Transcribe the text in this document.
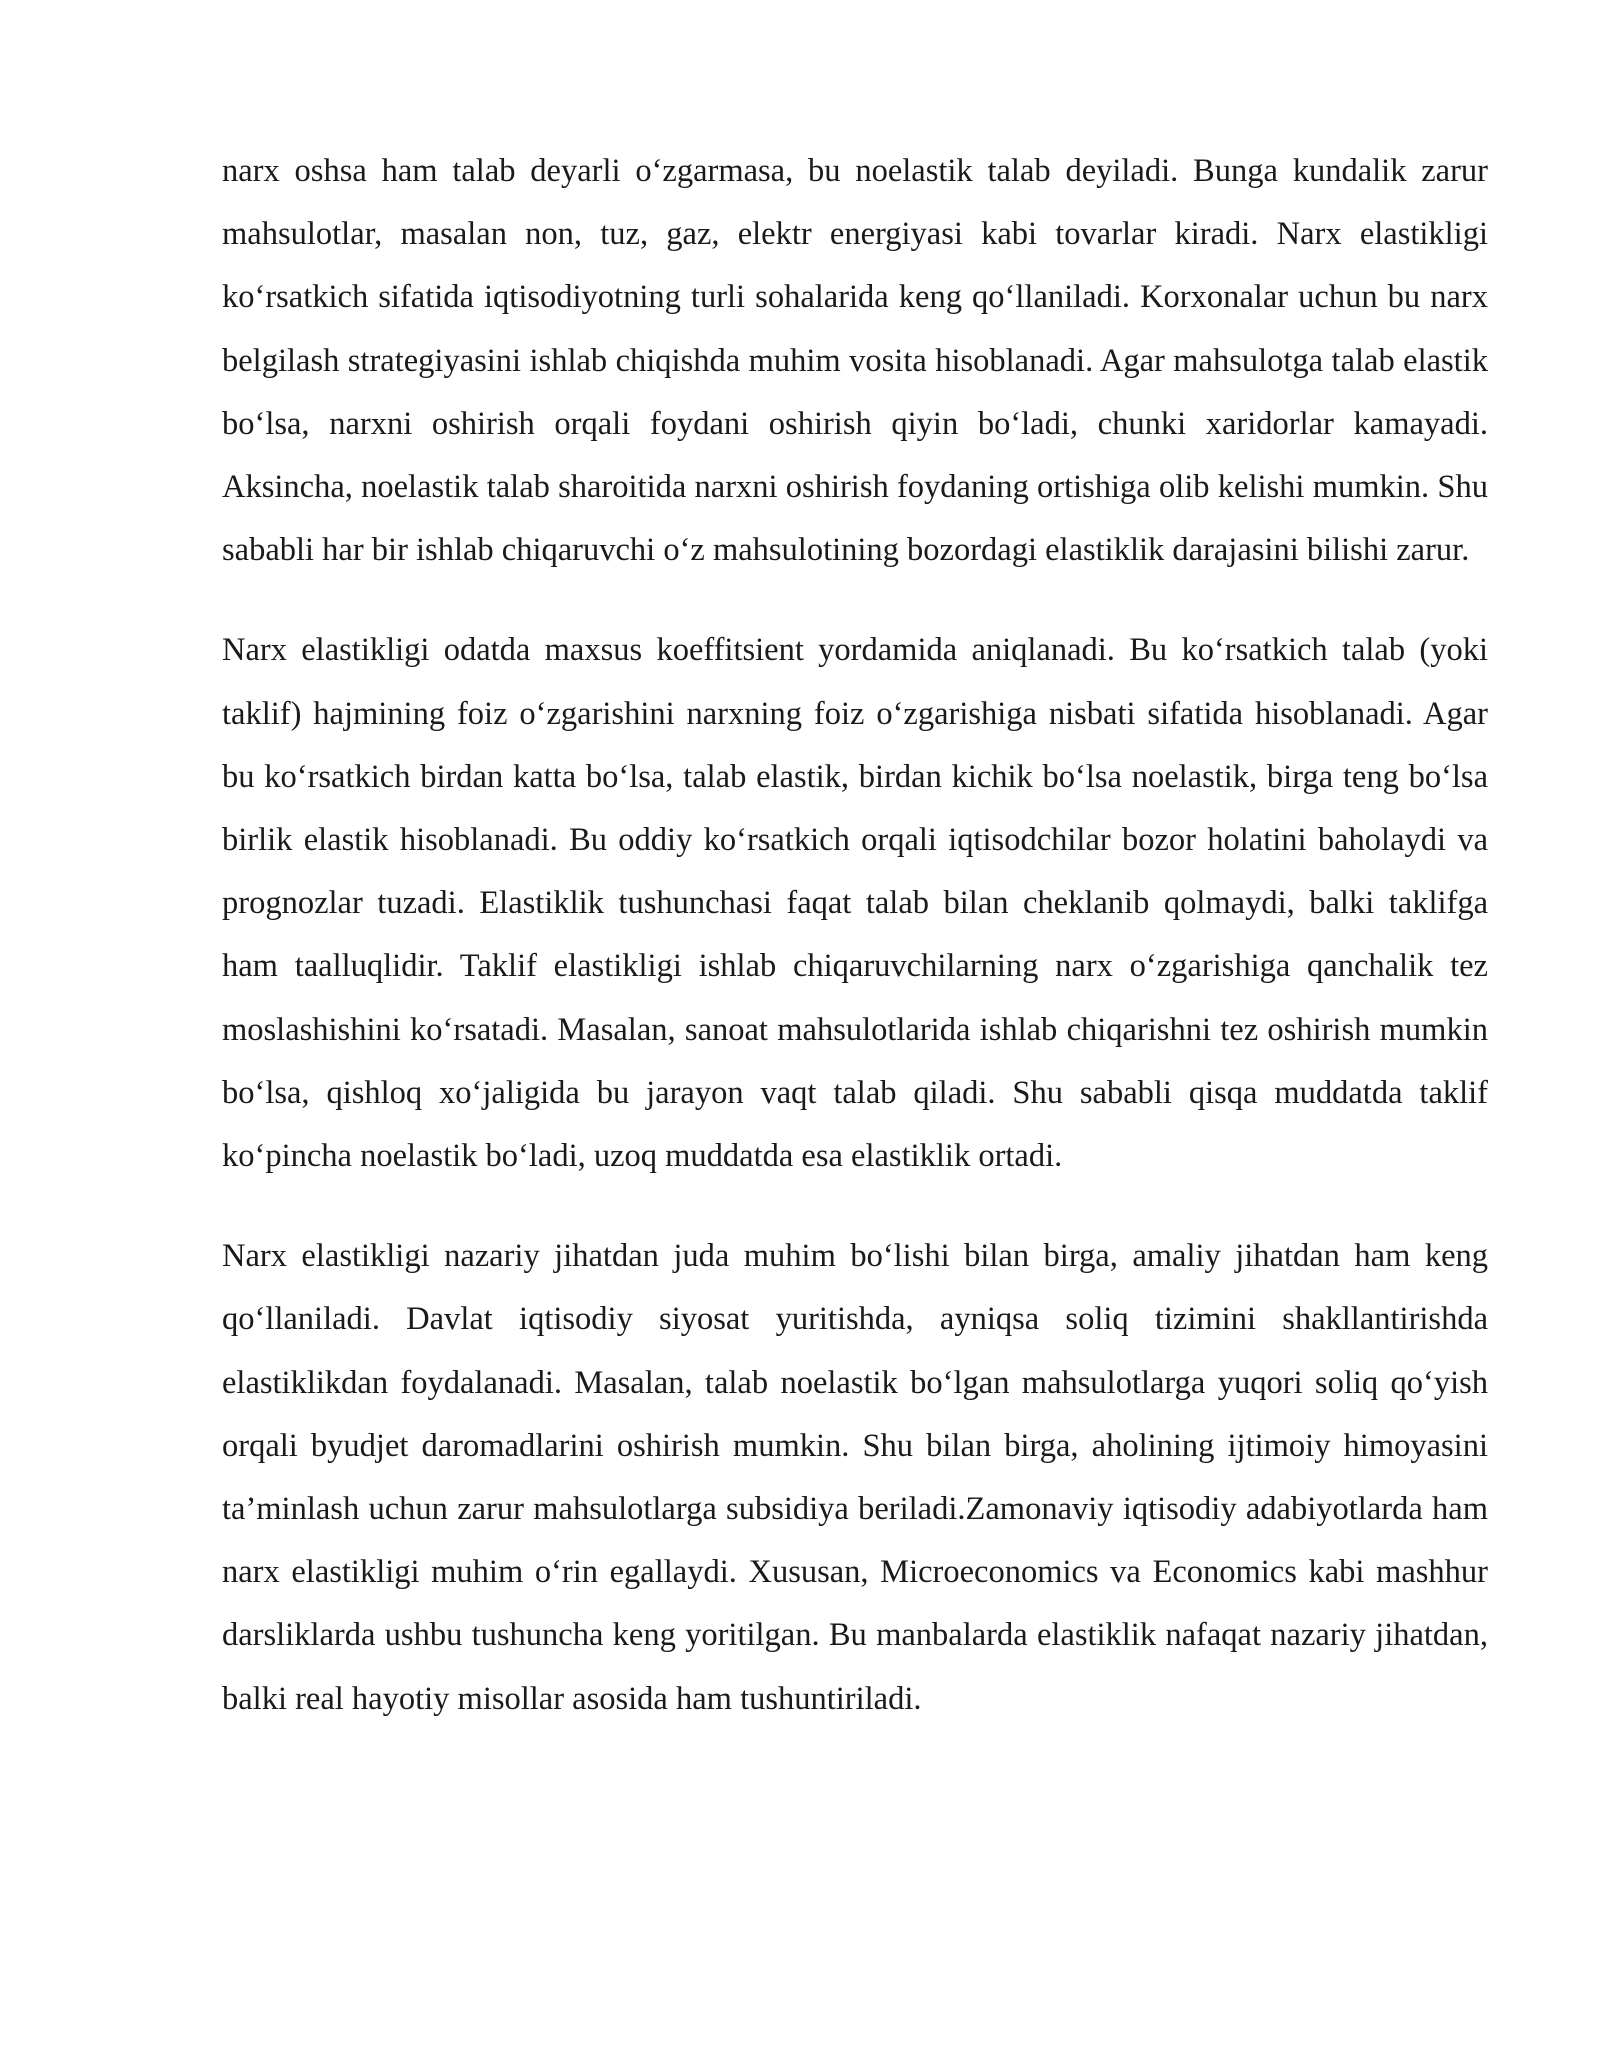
narx oshsa ham talab deyarli o‘zgarmasa, bu noelastik talab deyiladi. Bunga kundalik zarur mahsulotlar, masalan non, tuz, gaz, elektr energiyasi kabi tovarlar kiradi. Narx elastikligi ko‘rsatkich sifatida iqtisodiyotning turli sohalarida keng qo‘llaniladi. Korxonalar uchun bu narx belgilash strategiyasini ishlab chiqishda muhim vosita hisoblanadi. Agar mahsulotga talab elastik bo‘lsa, narxni oshirish orqali foydani oshirish qiyin bo‘ladi, chunki xaridorlar kamayadi. Aksincha, noelastik talab sharoitida narxni oshirish foydaning ortishiga olib kelishi mumkin. Shu sababli har bir ishlab chiqaruvchi o‘z mahsulotining bozordagi elastiklik darajasini bilishi zarur.

Narx elastikligi odatda maxsus koeffitsient yordamida aniqlanadi. Bu ko‘rsatkich talab (yoki taklif) hajmining foiz o‘zgarishini narxning foiz o‘zgarishiga nisbati sifatida hisoblanadi. Agar bu ko‘rsatkich birdan katta bo‘lsa, talab elastik, birdan kichik bo‘lsa noelastik, birga teng bo‘lsa birlik elastik hisoblanadi. Bu oddiy ko‘rsatkich orqali iqtisodchilar bozor holatini baholaydi va prognozlar tuzadi. Elastiklik tushunchasi faqat talab bilan cheklanib qolmaydi, balki taklifga ham taalluqlidir. Taklif elastikligi ishlab chiqaruvchilarning narx o‘zgarishiga qanchalik tez moslashishini ko‘rsatadi. Masalan, sanoat mahsulotlarida ishlab chiqarishni tez oshirish mumkin bo‘lsa, qishloq xo‘jaligida bu jarayon vaqt talab qiladi. Shu sababli qisqa muddatda taklif ko‘pincha noelastik bo‘ladi, uzoq muddatda esa elastiklik ortadi.

Narx elastikligi nazariy jihatdan juda muhim bo‘lishi bilan birga, amaliy jihatdan ham keng qo‘llaniladi. Davlat iqtisodiy siyosat yuritishda, ayniqsa soliq tizimini shakllantirishda elastiklikdan foydalanadi. Masalan, talab noelastik bo‘lgan mahsulotlarga yuqori soliq qo‘yish orqali byudjet daromadlarini oshirish mumkin. Shu bilan birga, aholining ijtimoiy himoyasini ta’minlash uchun zarur mahsulotlarga subsidiya beriladi.Zamonaviy iqtisodiy adabiyotlarda ham narx elastikligi muhim o‘rin egallaydi. Xususan, Microeconomics va Economics kabi mashhur darsliklarda ushbu tushuncha keng yoritilgan. Bu manbalarda elastiklik nafaqat nazariy jihatdan, balki real hayotiy misollar asosida ham tushuntiriladi.
